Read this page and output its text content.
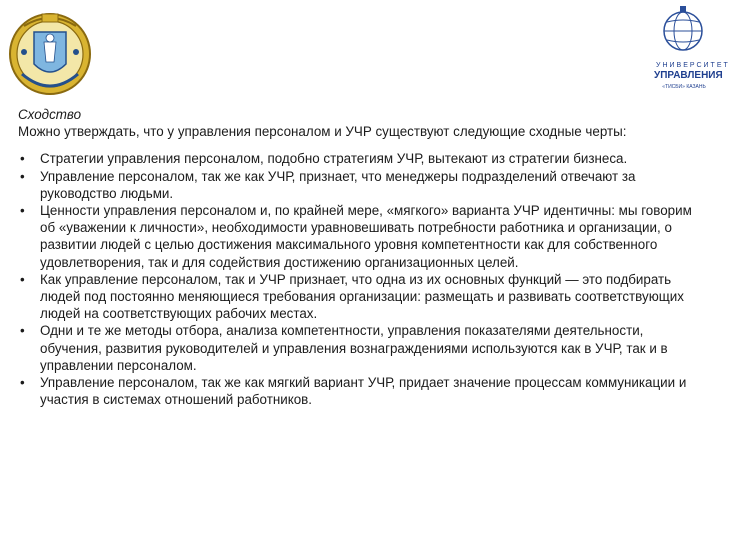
УНИВЕРСИТЕТ
УПРАВЛЕНИЯ
«ТИСБИ» КАЗАНЬ
Сходство
Можно утверждать, что у управления персоналом и УЧР существуют следующие сходные черты:
• Стратегии управления персоналом, подобно стратегиям УЧР, вытекают из стратегии бизнеса.
• Управление персоналом, так же как УЧР, признает, что менеджеры подразделений отвечают за руководство людьми.
• Ценности управления персоналом и, по крайней мере, «мягкого» варианта УЧР идентичны: мы говорим об «уважении к личности», необходимости уравновешивать потребности работника и организации, о развитии людей с целью достижения максимального уровня компетентности как для собственного удовлетворения, так и для содействия достижению организационных целей.
• Как управление персоналом, так и УЧР признает, что одна из их основных функций — это подбирать людей под постоянно меняющиеся требования организации: размещать и развивать соответствующих людей на соответствующих рабочих местах.
• Одни и те же методы отбора, анализа компетентности, управления показателями деятельности, обучения, развития руководителей и управления вознаграждениями используются как в УЧР, так и в управлении персоналом.
• Управление персоналом, так же как мягкий вариант УЧР, придает значение процессам коммуникации и участия в системах отношений работников.
